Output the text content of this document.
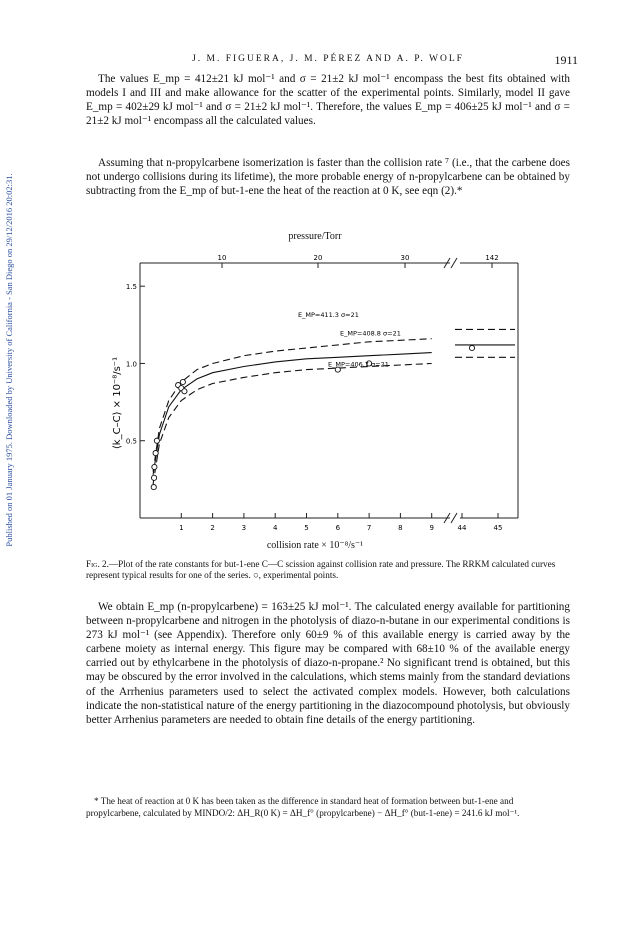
Published on 01 January 1975. Downloaded by University of California - San Diego on 29/12/2016 20:02:31.
J. M. FIGUERA, J. M. PÉREZ AND A. P. WOLF	1911

The values E_mp = 412±21 kJ mol⁻¹ and σ = 21±2 kJ mol⁻¹ encompass the best fits obtained with models I and III and make allowance for the scatter of the experimental points. Similarly, model II gave E_mp = 402±29 kJ mol⁻¹ and σ = 21±2 kJ mol⁻¹. Therefore, the values E_mp = 406±25 kJ mol⁻¹ and σ = 21±2 kJ mol⁻¹ encompass all the calculated values.

Assuming that n-propylcarbene isomerization is faster than the collision rate ⁷ (i.e., that the carbene does not undergo collisions during its lifetime), the more probable energy of n-propylcarbene can be obtained by subtracting from the E_mp of but-1-ene the heat of the reaction at 0 K, see eqn (2).*

pressure/Torr
1	2	3	4	5	6	7	8	9	44	45
10	20	30	142
0.5
1.0
1.5
E_MP=411.3 σ=21
E_MP=408.8 σ=21
E_MP=406.7 σ=21
⟨k_C–C⟩ × 10⁻⁸/s⁻¹
collision rate × 10⁻⁸/s⁻¹

Fig. 2.—Plot of the rate constants for but-1-ene C—C scission against collision rate and pressure. The RRKM calculated curves represent typical results for one of the series. ○, experimental points.

We obtain E_mp (n-propylcarbene) = 163±25 kJ mol⁻¹. The calculated energy available for partitioning between n-propylcarbene and nitrogen in the photolysis of diazo-n-butane in our experimental conditions is 273 kJ mol⁻¹ (see Appendix). Therefore only 60±9 % of this available energy is carried away by the carbene moiety as internal energy. This figure may be compared with 68±10 % of the available energy carried out by ethylcarbene in the photolysis of diazo-n-propane.² No significant trend is obtained, but this may be obscured by the error involved in the calculations, which stems mainly from the standard deviations of the Arrhenius parameters used to select the activated complex models. However, both calculations indicate the non-statistical nature of the energy partitioning in the diazocompound photolysis, but obviously better Arrhenius parameters are needed to obtain fine details of the energy partitioning.

* The heat of reaction at 0 K has been taken as the difference in standard heat of formation between but-1-ene and propylcarbene, calculated by MINDO/2: ΔH_R(0 K) = ΔH_f° (propylcarbene) − ΔH_f° (but-1-ene) = 241.6 kJ mol⁻¹.
